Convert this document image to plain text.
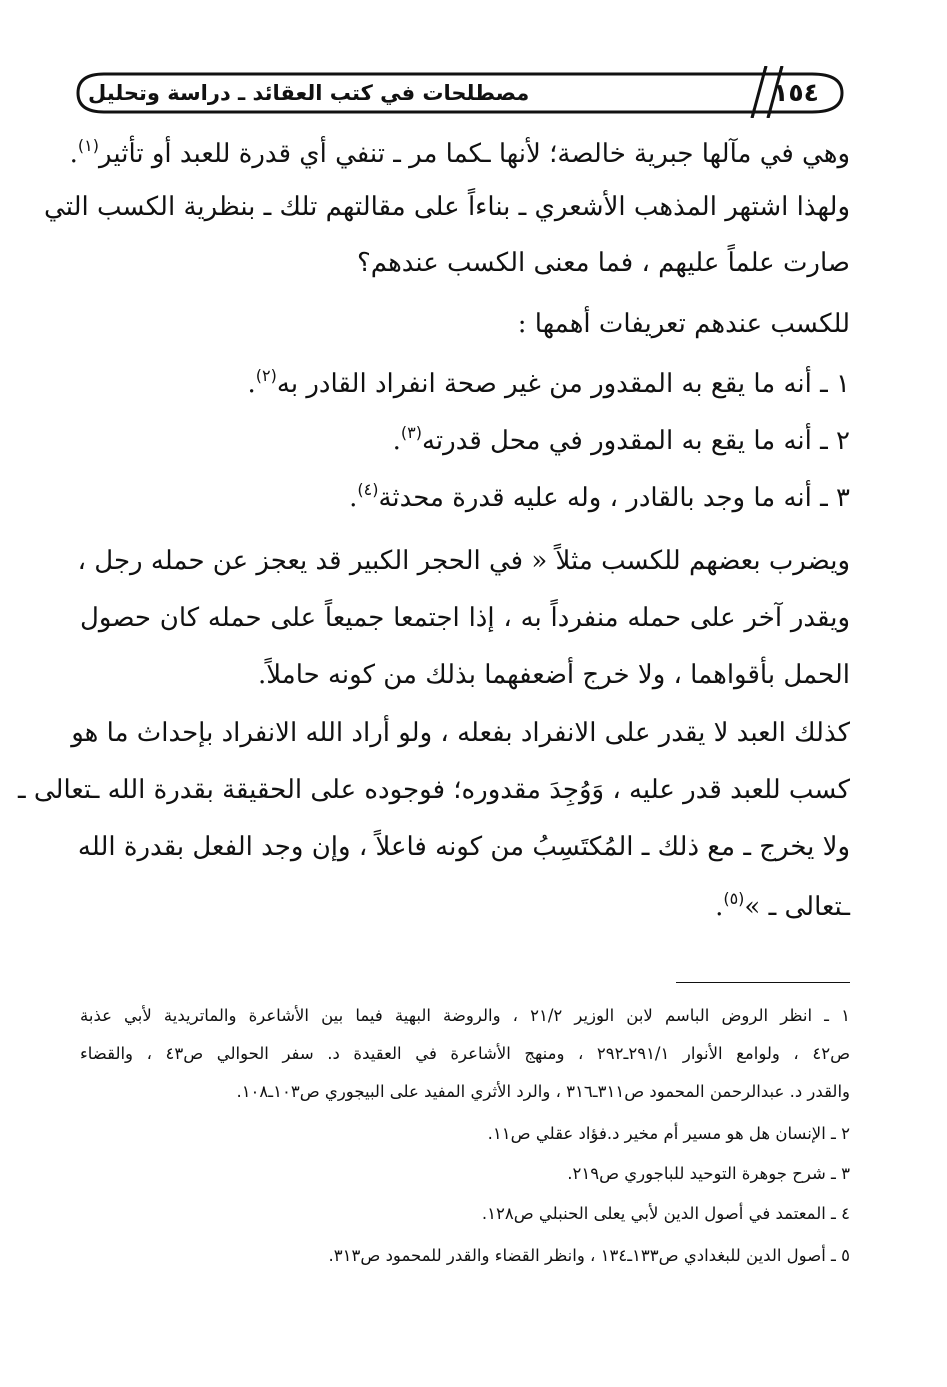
١٥٤
مصطلحات في كتب العقائد ـ دراسة وتحليل
وهي في مآلها جبرية خالصة؛ لأنها ـكما مر ـ تنفي أي قدرة للعبد أو تأثير$^{(١)}$.
ولهذا اشتهر المذهب الأشعري ـ بناءاً على مقالتهم تلك ـ بنظرية الكسب التي
صارت علماً عليهم ، فما معنى الكسب عندهم؟
للكسب عندهم تعريفات أهمها :
١ ـ أنه ما يقع به المقدور من غير صحة انفراد القادر به$^{(٢)}$.
٢ ـ أنه ما يقع به المقدور في محل قدرته$^{(٣)}$.
٣ ـ أنه ما وجد بالقادر ، وله عليه قدرة محدثة$^{(٤)}$.
ويضرب بعضهم للكسب مثلاً « في الحجر الكبير قد يعجز عن حمله رجل ،
ويقدر آخر على حمله منفرداً به ، إذا اجتمعا جميعاً على حمله كان حصول
الحمل بأقواهما ، ولا خرج أضعفهما بذلك من كونه حاملاً.
كذلك العبد لا يقدر على الانفراد بفعله ، ولو أراد الله الانفراد بإحداث ما هو
كسب للعبد قدر عليه ، وَوُجِدَ مقدوره؛ فوجوده على الحقيقة بقدرة الله ـتعالى ـ
ولا يخرج ـ مع ذلك ـ المُكتَسِبُ من كونه فاعلاً ، وإن وجد الفعل بقدرة الله
ـتعالى ـ »$^{(٥)}$.
١ ـ انظر الروض الباسم لابن الوزير ٢١/٢ ، والروضة البهية فيما بين الأشاعرة والماتريدية لأبي عذبة
ص٤٢ ، ولوامع الأنوار ٢٩١/١ـ٢٩٢ ، ومنهج الأشاعرة في العقيدة د. سفر الحوالي ص٤٣ ، والقضاء
والقدر د. عبدالرحمن المحمود ص٣١١ـ٣١٦ ، والرد الأثري المفيد على البيجوري ص١٠٣ـ١٠٨.
٢ ـ الإنسان هل هو مسير أم مخير د.فؤاد عقلي ص١١.
٣ ـ شرح جوهرة التوحيد للباجوري ص٢١٩.
٤ ـ المعتمد في أصول الدين لأبي يعلى الحنبلي ص١٢٨.
٥ ـ أصول الدين للبغدادي ص١٣٣ـ١٣٤ ، وانظر القضاء والقدر للمحمود ص٣١٣.
